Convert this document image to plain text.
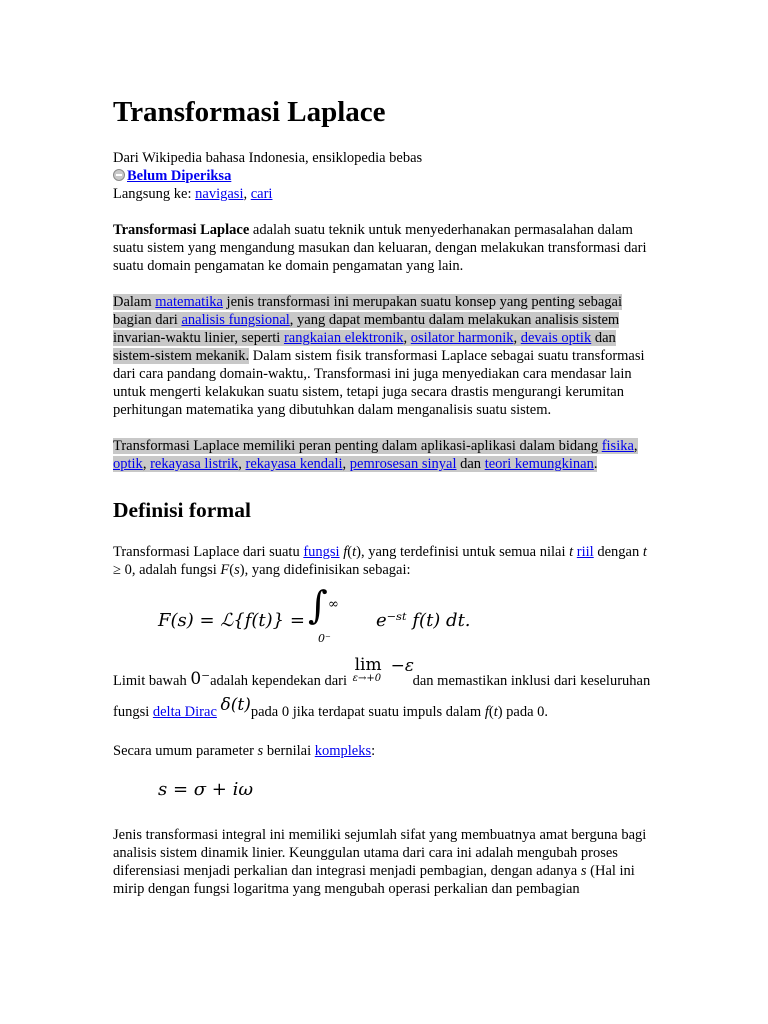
Transformasi Laplace
Dari Wikipedia bahasa Indonesia, ensiklopedia bebas
Belum Diperiksa
Langsung ke: navigasi, cari

Transformasi Laplace adalah suatu teknik untuk menyederhanakan permasalahan dalam suatu sistem yang mengandung masukan dan keluaran, dengan melakukan transformasi dari suatu domain pengamatan ke domain pengamatan yang lain.

Dalam matematika jenis transformasi ini merupakan suatu konsep yang penting sebagai bagian dari analisis fungsional, yang dapat membantu dalam melakukan analisis sistem invarian-waktu linier, seperti rangkaian elektronik, osilator harmonik, devais optik dan sistem-sistem mekanik. Dalam sistem fisik transformasi Laplace sebagai suatu transformasi dari cara pandang domain-waktu,. Transformasi ini juga menyediakan cara mendasar lain untuk mengerti kelakukan suatu sistem, tetapi juga secara drastis mengurangi kerumitan perhitungan matematika yang dibutuhkan dalam menganalisis suatu sistem.

Transformasi Laplace memiliki peran penting dalam aplikasi-aplikasi dalam bidang fisika, optik, rekayasa listrik, rekayasa kendali, pemrosesan sinyal dan teori kemungkinan.

Definisi formal

Transformasi Laplace dari suatu fungsi f(t), yang terdefinisi untuk semua nilai t riil dengan t ≥ 0, adalah fungsi F(s), yang didefinisikan sebagai:

F(s) = ℒ{f(t)} = ∫ ∞
0⁻
e⁻ˢᵗ f(t) dt.

Limit bawah 0⁻adalah kependekan dari
lim
ε→+0
−ε
dan memastikan inklusi dari keseluruhan fungsi delta Dirac δ(t)pada 0 jika terdapat suatu impuls dalam f(t) pada 0.

Secara umum parameter s bernilai kompleks:

s = σ + iω

Jenis transformasi integral ini memiliki sejumlah sifat yang membuatnya amat berguna bagi analisis sistem dinamik linier. Keunggulan utama dari cara ini adalah mengubah proses diferensiasi menjadi perkalian dan integrasi menjadi pembagian, dengan adanya s (Hal ini mirip dengan fungsi logaritma yang mengubah operasi perkalian dan pembagian
